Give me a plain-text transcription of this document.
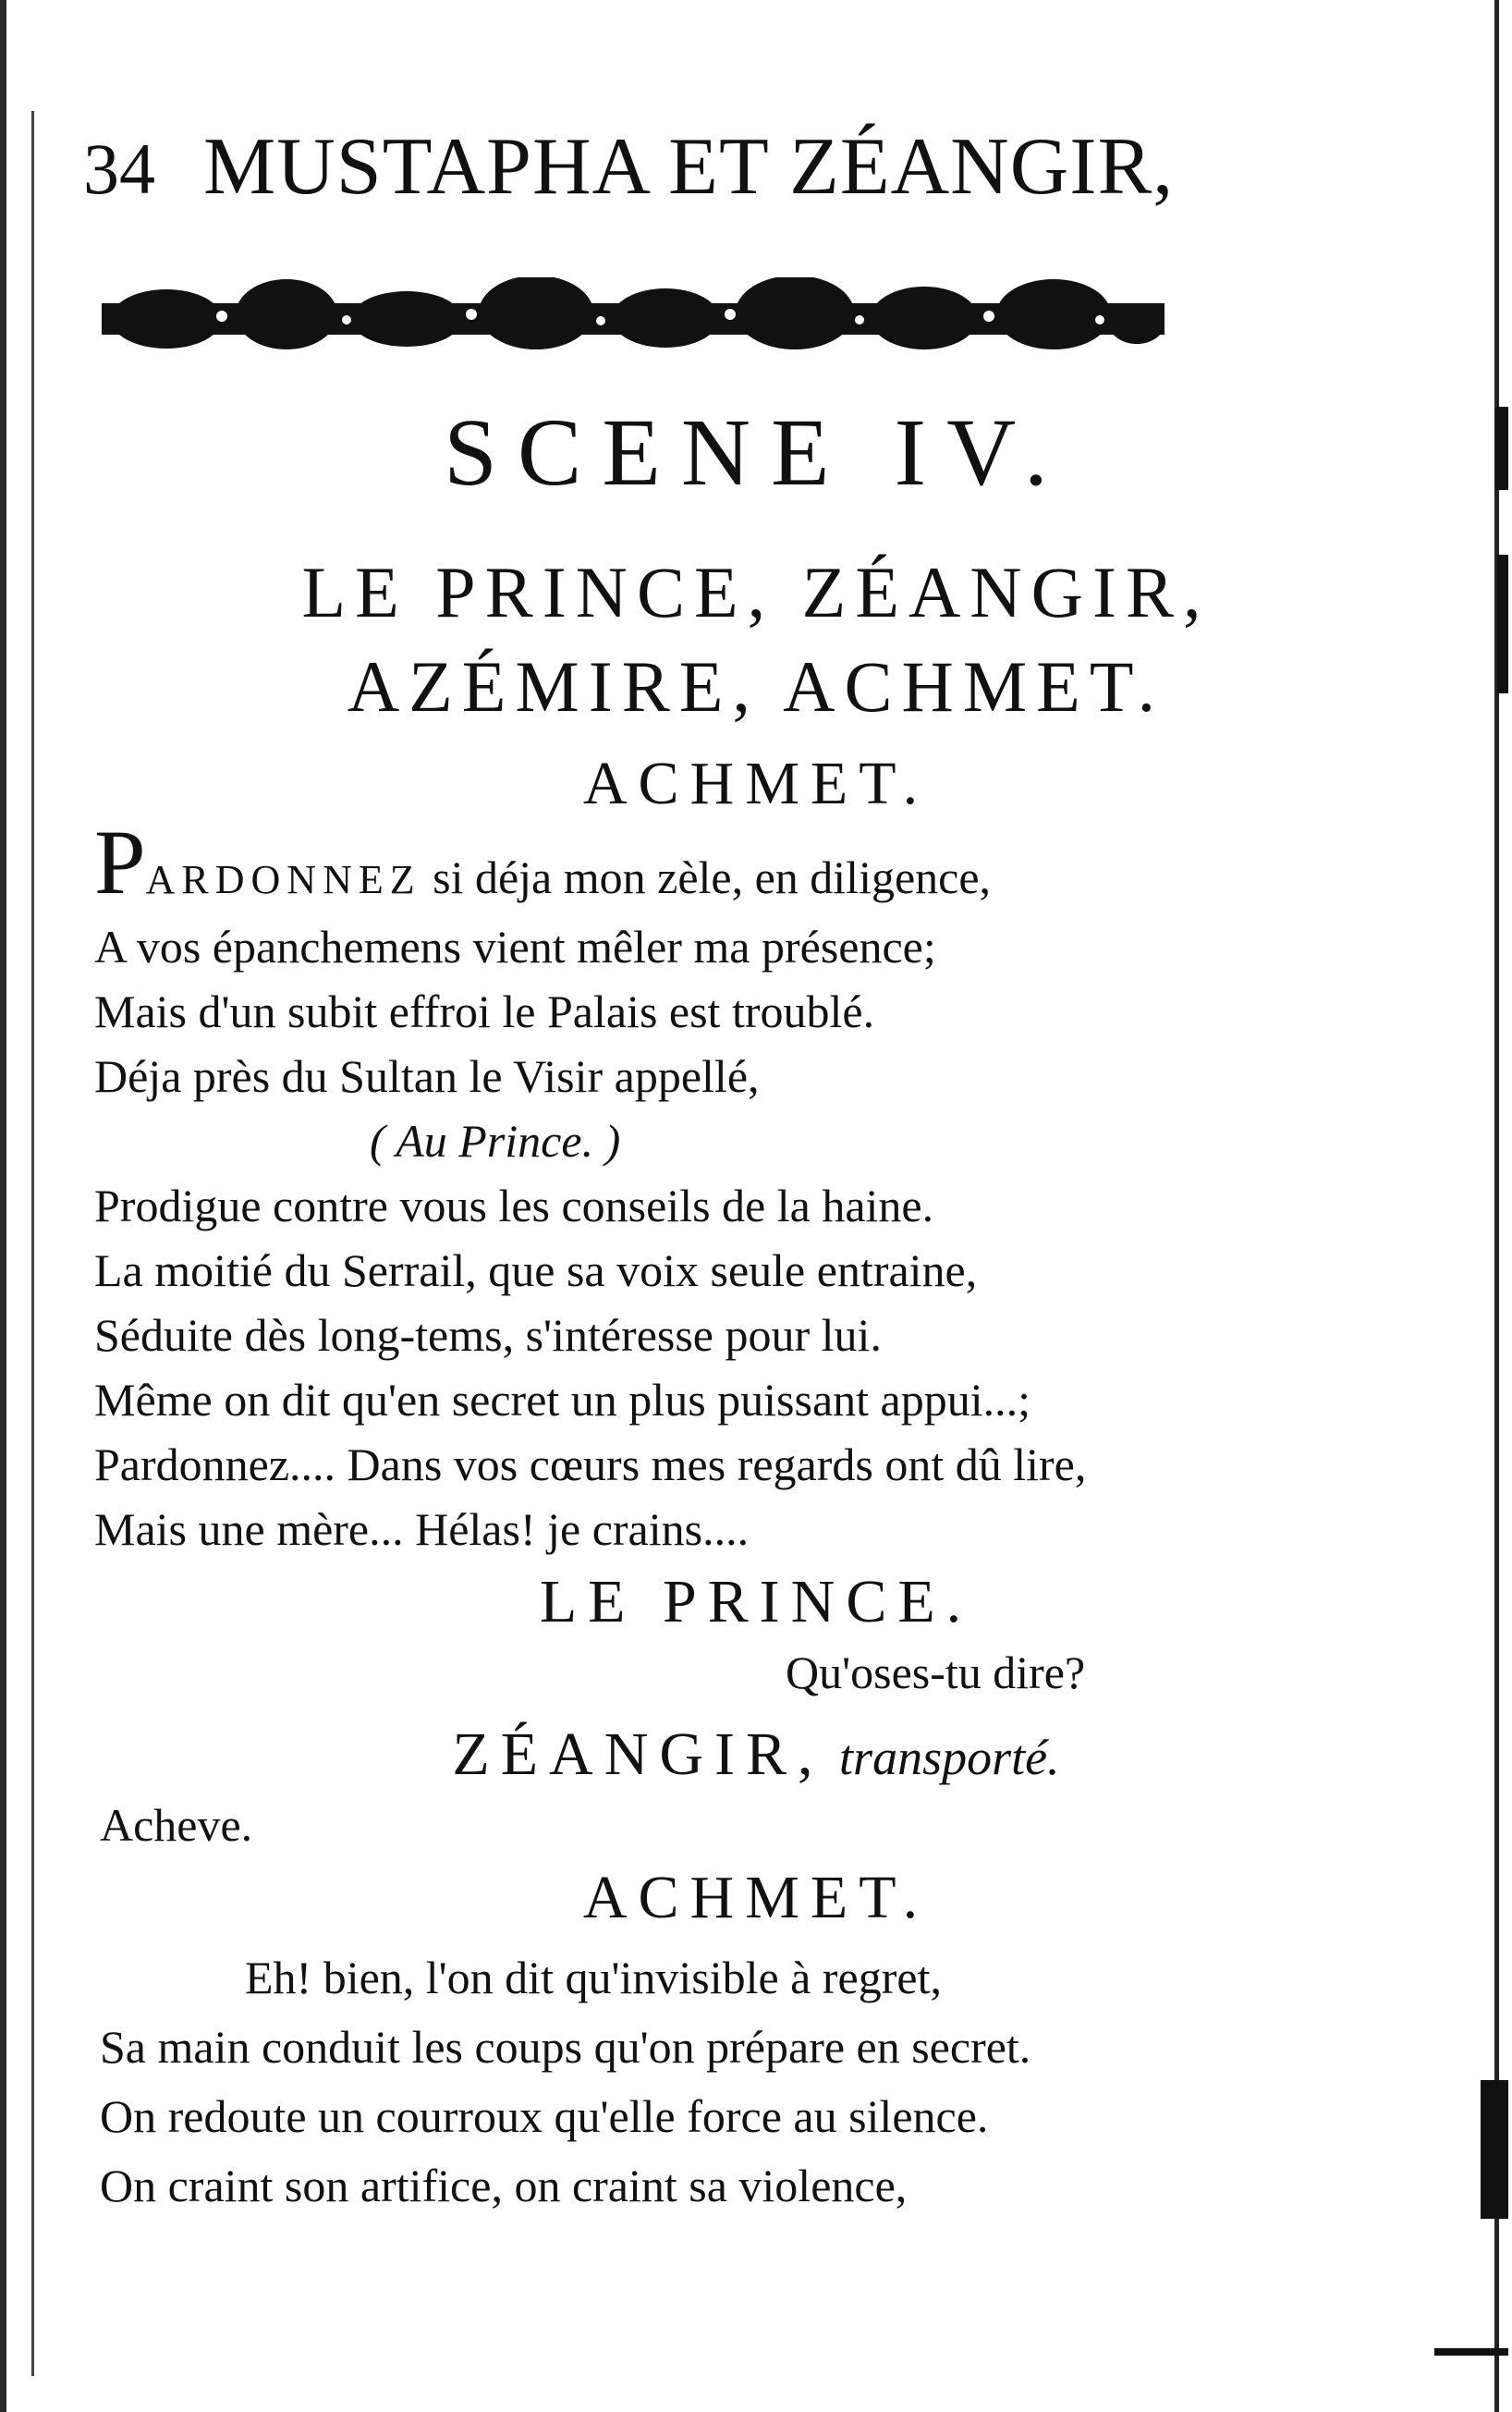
34 MUSTAPHA ET ZÉANGIR,
SCENE IV.
LE PRINCE, ZÉANGIR,
AZÉMIRE, ACHMET.
ACHMET.
PARDONNEZ si déja mon zèle, en diligence,
A vos épanchemens vient mêler ma présence;
Mais d'un subit effroi le Palais est troublé.
Déja près du Sultan le Visir appellé,
( Au Prince. )
Prodigue contre vous les conseils de la haine.
La moitié du Serrail, que sa voix seule entraine,
Séduite dès long-tems, s'intéresse pour lui.
Même on dit qu'en secret un plus puissant appui...;
Pardonnez.... Dans vos cœurs mes regards ont dû lire,
Mais une mère... Hélas! je crains....
LE PRINCE.
Qu'oses-tu dire?
ZÉANGIR, transporté.
Acheve.
ACHMET.
Eh! bien, l'on dit qu'invisible à regret,
Sa main conduit les coups qu'on prépare en secret.
On redoute un courroux qu'elle force au silence.
On craint son artifice, on craint sa violence,
